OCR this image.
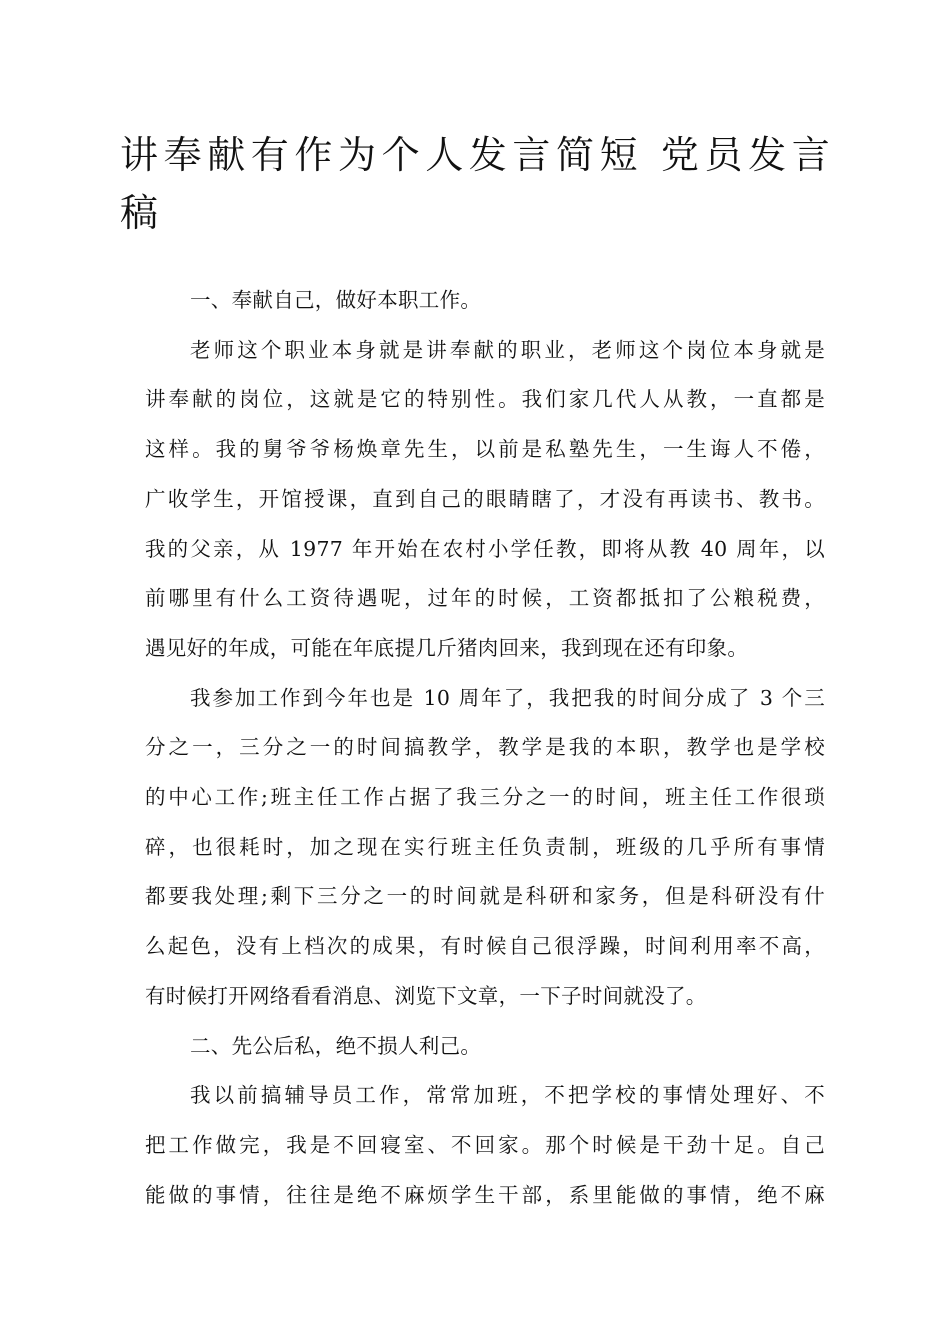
讲奉献有作为个人发言简短 党员发言
稿
一、奉献自己，做好本职工作。
老师这个职业本身就是讲奉献的职业，老师这个岗位本身就是
讲奉献的岗位，这就是它的特别性。我们家几代人从教，一直都是
这样。我的舅爷爷杨焕章先生，以前是私塾先生，一生诲人不倦，
广收学生，开馆授课，直到自己的眼睛瞎了，才没有再读书、教书。
我的父亲，从 1977 年开始在农村小学任教，即将从教 40 周年，以
前哪里有什么工资待遇呢，过年的时候，工资都抵扣了公粮税费，
遇见好的年成，可能在年底提几斤猪肉回来，我到现在还有印象。
我参加工作到今年也是 10 周年了，我把我的时间分成了 3 个三
分之一，三分之一的时间搞教学，教学是我的本职，教学也是学校
的中心工作;班主任工作占据了我三分之一的时间，班主任工作很琐
碎，也很耗时，加之现在实行班主任负责制，班级的几乎所有事情
都要我处理;剩下三分之一的时间就是科研和家务，但是科研没有什
么起色，没有上档次的成果，有时候自己很浮躁，时间利用率不高，
有时候打开网络看看消息、浏览下文章，一下子时间就没了。
二、先公后私，绝不损人利己。
我以前搞辅导员工作，常常加班，不把学校的事情处理好、不
把工作做完，我是不回寝室、不回家。那个时候是干劲十足。自己
能做的事情，往往是绝不麻烦学生干部，系里能做的事情，绝不麻
